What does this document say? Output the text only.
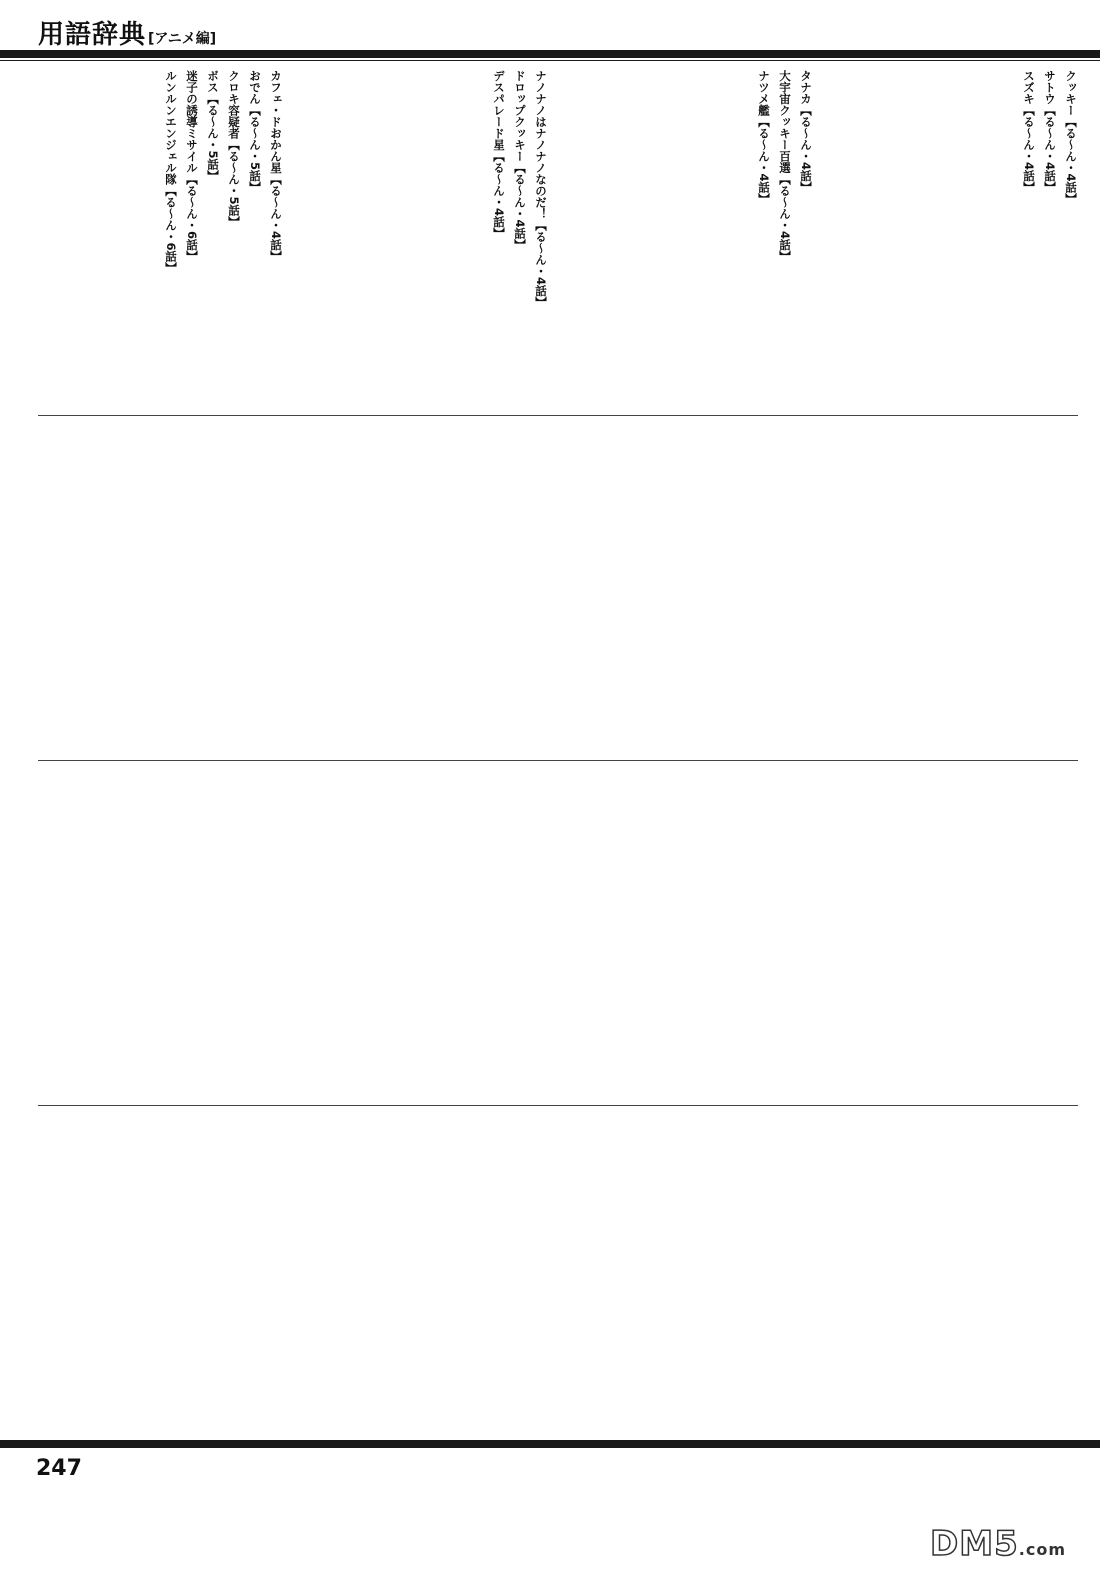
用語辞典 [アニメ編]
クッキー【る〜ん・4話】
サトウ【る〜ん・4話】
スズキ【る〜ん・4話】
タナカ【る〜ん・4話】
大宇宙クッキー百選【る〜ん・4話】
ナツメ艦【る〜ん・4話】
ナノナノはナノナノなのだ！【る〜ん・4話】
ドロップクッキー【る〜ん・4話】
デスパレード星【る〜ん・4話】
カフェ・ドおかん星【る〜ん・4話】
おでん【る〜ん・5話】
クロキ容疑者【る〜ん・5話】
ボス【る〜ん・5話】
迷子の誘導ミサイル【る〜ん・6話】
ルンルンエンジェル隊【る〜ん・6話】
247
DM5.com
